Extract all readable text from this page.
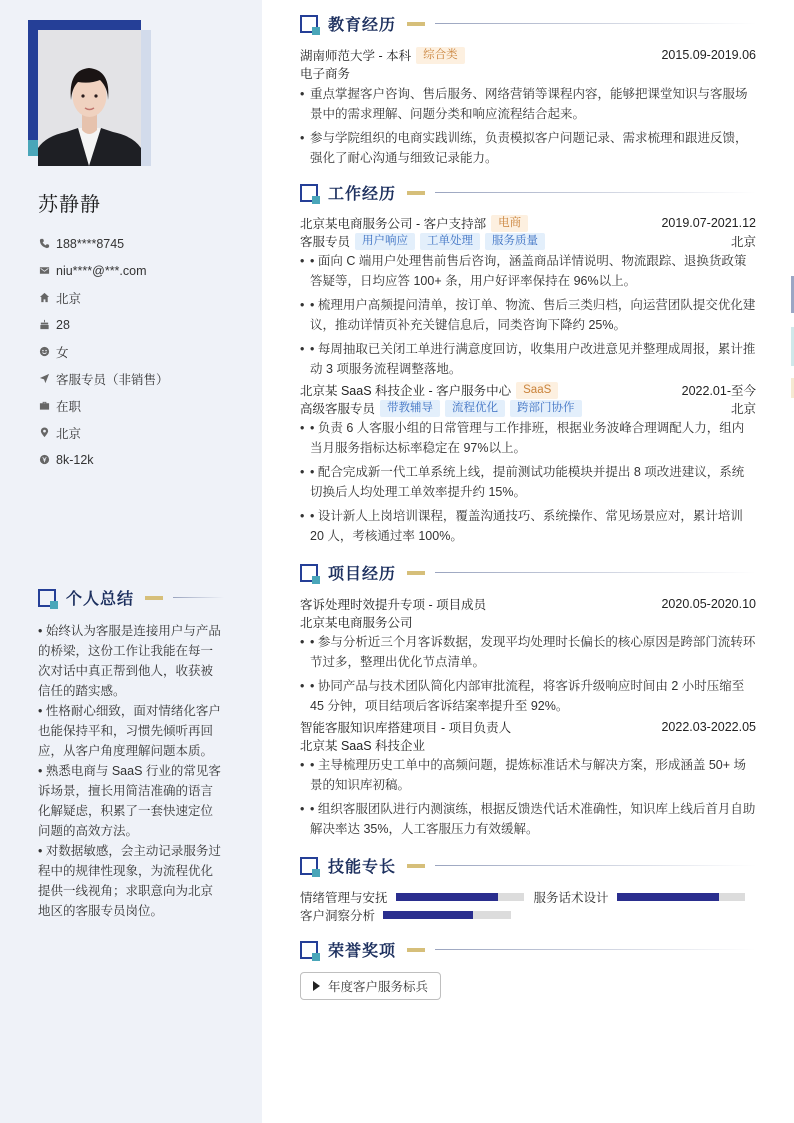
苏静静
188****8745
niu****@***.com
北京
28
女
客服专员（非销售）
在职
北京
8k-12k
个人总结

• 始终认为客服是连接用户与产品的桥梁，这份工作让我能在每一次对话中真正帮到他人，收获被信任的踏实感。

• 性格耐心细致，面对情绪化客户也能保持平和，习惯先倾听再回应，从客户角度理解问题本质。

• 熟悉电商与 SaaS 行业的常见客诉场景，擅长用简洁准确的语言化解疑虑，积累了一套快速定位问题的高效方法。

• 对数据敏感，会主动记录服务过程中的规律性现象，为流程优化提供一线视角；求职意向为北京地区的客服专员岗位。

教育经历
湖南师范大学 - 本科	综合类	2015.09-2019.06
电子商务
• 重点掌握客户咨询、售后服务、网络营销等课程内容，能够把课堂知识与客服场景中的需求理解、问题分类和响应流程结合起来。
• 参与学院组织的电商实践训练，负责模拟客户问题记录、需求梳理和跟进反馈，强化了耐心沟通与细致记录能力。
工作经历
北京某电商服务公司 - 客户支持部	电商	2019.07-2021.12
客服专员	用户响应	工单处理	服务质量	北京
• • 面向 C 端用户处理售前售后咨询，涵盖商品详情说明、物流跟踪、退换货政策答疑等，日均应答 100+ 条，用户好评率保持在 96%以上。
• • 梳理用户高频提问清单，按订单、物流、售后三类归档，向运营团队提交优化建议，推动详情页补充关键信息后，同类咨询下降约 25%。
• • 每周抽取已关闭工单进行满意度回访，收集用户改进意见并整理成周报，累计推动 3 项服务流程调整落地。
北京某 SaaS 科技企业 - 客户服务中心	SaaS	2022.01-至今
高级客服专员	带教辅导	流程优化	跨部门协作	北京
• • 负责 6 人客服小组的日常管理与工作排班，根据业务波峰合理调配人力，组内当月服务指标达标率稳定在 97%以上。
• • 配合完成新一代工单系统上线，提前测试功能模块并提出 8 项改进建议，系统切换后人均处理工单效率提升约 15%。
• • 设计新人上岗培训课程，覆盖沟通技巧、系统操作、常见场景应对，累计培训 20 人，考核通过率 100%。
项目经历
客诉处理时效提升专项 - 项目成员	2020.05-2020.10
北京某电商服务公司
• • 参与分析近三个月客诉数据，发现平均处理时长偏长的核心原因是跨部门流转环节过多，整理出优化节点清单。
• • 协同产品与技术团队简化内部审批流程，将客诉升级响应时间由 2 小时压缩至 45 分钟，项目结项后客诉结案率提升至 92%。
智能客服知识库搭建项目 - 项目负责人	2022.03-2022.05
北京某 SaaS 科技企业
• • 主导梳理历史工单中的高频问题，提炼标准话术与解决方案，形成涵盖 50+ 场景的知识库初稿。
• • 组织客服团队进行内测演练，根据反馈迭代话术准确性，知识库上线后首月自助解决率达 35%，人工客服压力有效缓解。
技能专长
情绪管理与安抚	服务话术设计
客户洞察分析
荣誉奖项
年度客户服务标兵
